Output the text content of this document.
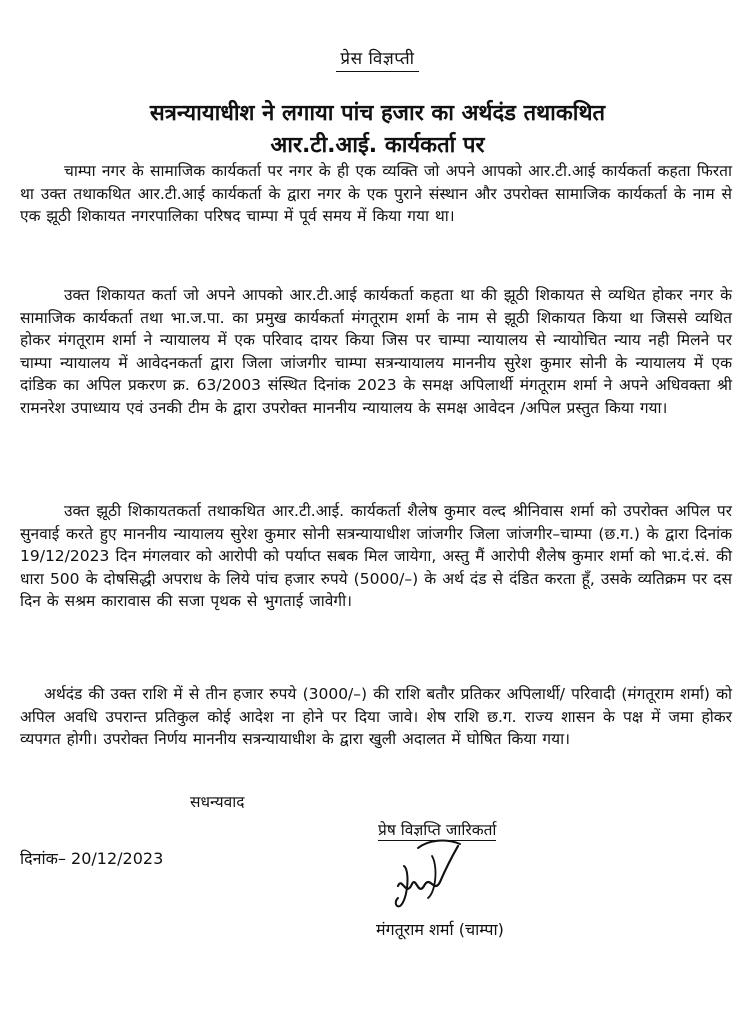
प्रेस विज्ञप्ती
सत्रन्यायाधीश ने लगाया पांच हजार का अर्थदंड तथाकथित
आर.टी.आई. कार्यकर्ता पर

चाम्पा नगर के सामाजिक कार्यकर्ता पर नगर के ही एक व्यक्ति जो अपने आपको आर.टी.आई कार्यकर्ता कहता फिरता था उक्त तथाकथित आर.टी.आई कार्यकर्ता के द्वारा नगर के एक पुराने संस्थान और उपरोक्त सामाजिक कार्यकर्ता के नाम से एक झूठी शिकायत नगरपालिका परिषद चाम्पा में पूर्व समय में किया गया था।

उक्त शिकायत कर्ता जो अपने आपको आर.टी.आई कार्यकर्ता कहता था की झूठी शिकायत से व्यथित होकर नगर के सामाजिक कार्यकर्ता तथा भा.ज.पा. का प्रमुख कार्यकर्ता मंगतूराम शर्मा के नाम से झूठी शिकायत किया था जिससे व्यथित होकर मंगतूराम शर्मा ने न्यायालय में एक परिवाद दायर किया जिस पर चाम्पा न्यायालय से न्यायोचित न्याय नही मिलने पर चाम्पा न्यायालय में आवेदनकर्ता द्वारा जिला जांजगीर चाम्पा सत्रन्यायालय माननीय सुरेश कुमार सोनी के न्यायालय में एक दांडिक का अपिल प्रकरण क्र. 63/2003 संस्थित दिनांक 2023 के समक्ष अपिलार्थी मंगतूराम शर्मा ने अपने अधिवक्ता श्री रामनरेश उपाध्याय एवं उनकी टीम के द्वारा उपरोक्त माननीय न्यायालय के समक्ष आवेदन /अपिल प्रस्तुत किया गया।

उक्त झूठी शिकायतकर्ता तथाकथित आर.टी.आई. कार्यकर्ता शैलेष कुमार वल्द श्रीनिवास शर्मा को उपरोक्त अपिल पर सुनवाई करते हुए माननीय न्यायालय सुरेश कुमार सोनी सत्रन्यायाधीश जांजगीर जिला जांजगीर–चाम्पा (छ.ग.) के द्वारा दिनांक 19/12/2023 दिन मंगलवार को आरोपी को पर्याप्त सबक मिल जायेगा, अस्तु मैं आरोपी शैलेष कुमार शर्मा को भा.दं.सं. की धारा 500 के दोषसिद्धी अपराध के लिये पांच हजार रुपये (5000/–) के अर्थ दंड से दंडित करता हूँ, उसके व्यतिक्रम पर दस दिन के सश्रम कारावास की सजा पृथक से भुगताई जावेगी।

अर्थदंड की उक्त राशि में से तीन हजार रुपये (3000/–) की राशि बतौर प्रतिकर अपिलार्थी/ परिवादी (मंगतूराम शर्मा) को अपिल अवधि उपरान्त प्रतिकुल कोई आदेश ना होने पर दिया जावे। शेष राशि छ.ग. राज्य शासन के पक्ष में जमा होकर व्यपगत होगी। उपरोक्त निर्णय माननीय सत्रन्यायाधीश के द्वारा खुली अदालत में घोषित किया गया।

सधन्यवाद
प्रेष विज्ञप्ति जारिकर्ता
दिनांक– 20/12/2023
मंगतूराम शर्मा (चाम्पा)
